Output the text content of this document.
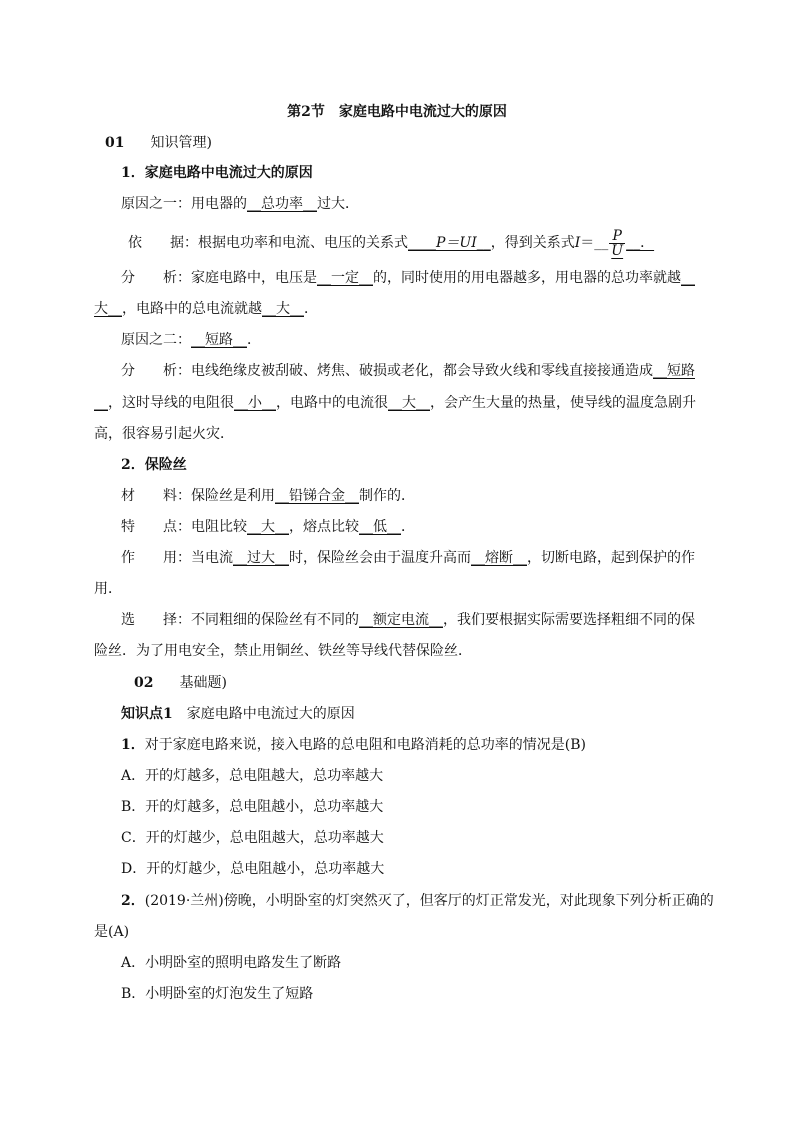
第2节　家庭电路中电流过大的原因
01 知识管理)
1．家庭电路中电流过大的原因
原因之一：用电器的__总功率__过大．
依　　据：根据电功率和电流、电压的关系式____P＝UI__，得到关系式I＝__ $\frac{P}{U}$ __．
分　　析：家庭电路中，电压是__一定__的，同时使用的用电器越多，用电器的总功率就越__
大__，电路中的总电流就越__大__．
原因之二：__短路__．
分　　析：电线绝缘皮被刮破、烤焦、破损或老化，都会导致火线和零线直接接通造成__短路
__，这时导线的电阻很__小__，电路中的电流很__大__，会产生大量的热量，使导线的温度急剧升
高，很容易引起火灾．
2．保险丝
材　　料：保险丝是利用__铅锑合金__制作的．
特　　点：电阻比较__大__，熔点比较__低__．
作　　用：当电流__过大__时，保险丝会由于温度升高而__熔断__，切断电路，起到保护的作
用．
选　　择：不同粗细的保险丝有不同的__额定电流__，我们要根据实际需要选择粗细不同的保
险丝．为了用电安全，禁止用铜丝、铁丝等导线代替保险丝．
02 基础题)
知识点1　家庭电路中电流过大的原因
1．对于家庭电路来说，接入电路的总电阻和电路消耗的总功率的情况是(B)
A．开的灯越多，总电阻越大，总功率越大
B．开的灯越多，总电阻越小，总功率越大
C．开的灯越少，总电阻越大，总功率越大
D．开的灯越少，总电阻越小，总功率越大
2．(2019·兰州)傍晚，小明卧室的灯突然灭了，但客厅的灯正常发光，对此现象下列分析正确的
是(A)
A．小明卧室的照明电路发生了断路
B．小明卧室的灯泡发生了短路
